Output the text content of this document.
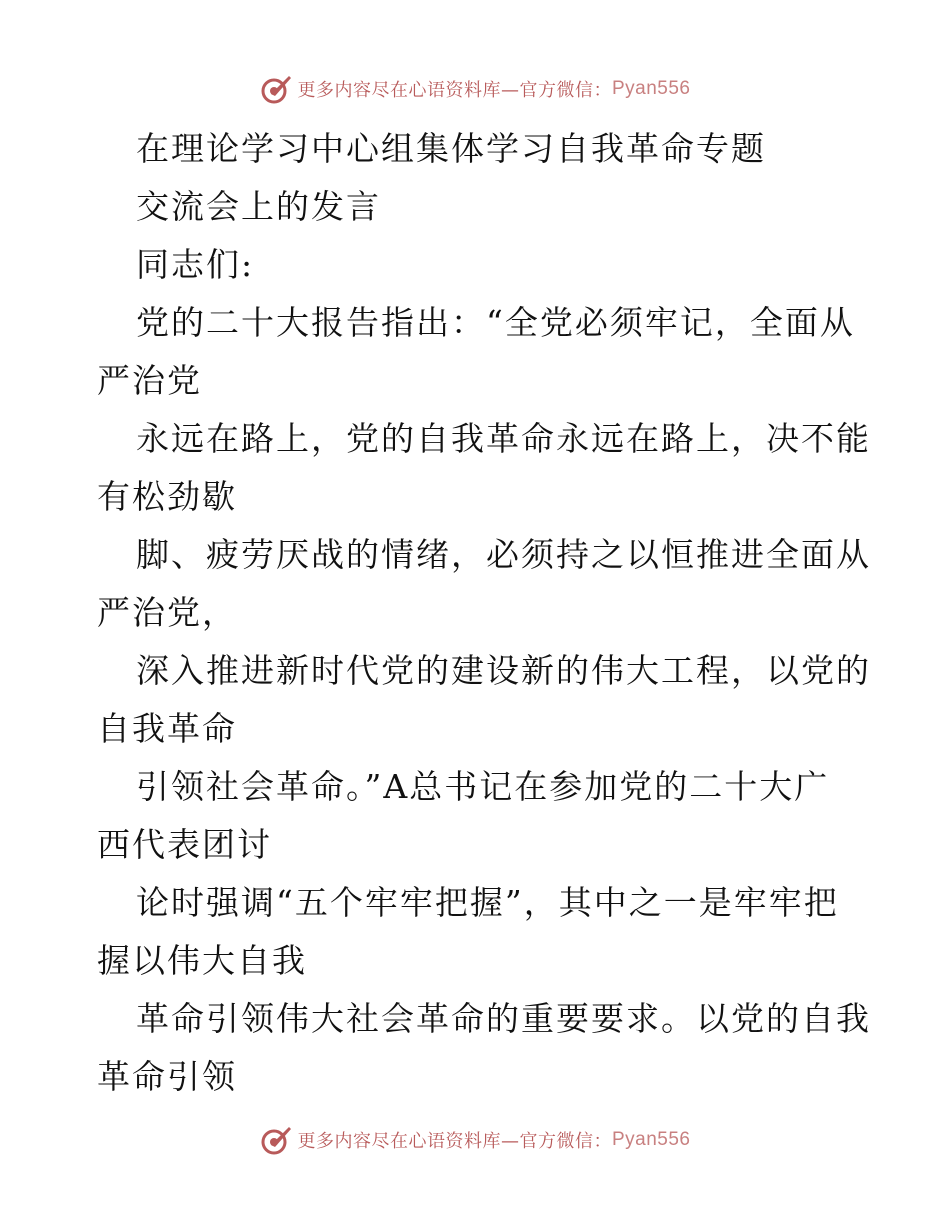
更多内容尽在心语资料库—官方微信： Pyan556
在理论学习中心组集体学习自我革命专题
交流会上的发言
同志们:
党的二十大报告指出：“全党必须牢记，全面从
严治党
永远在路上，党的自我革命永远在路上，决不能
有松劲歇
脚、疲劳厌战的情绪，必须持之以恒推进全面从
严治党，
深入推进新时代党的建设新的伟大工程，以党的
自我革命
引领社会革命。”A总书记在参加党的二十大广
西代表团讨
论时强调“五个牢牢把握”，其中之一是牢牢把
握以伟大自我
革命引领伟大社会革命的重要要求。以党的自我
革命引领
更多内容尽在心语资料库—官方微信： Pyan556
